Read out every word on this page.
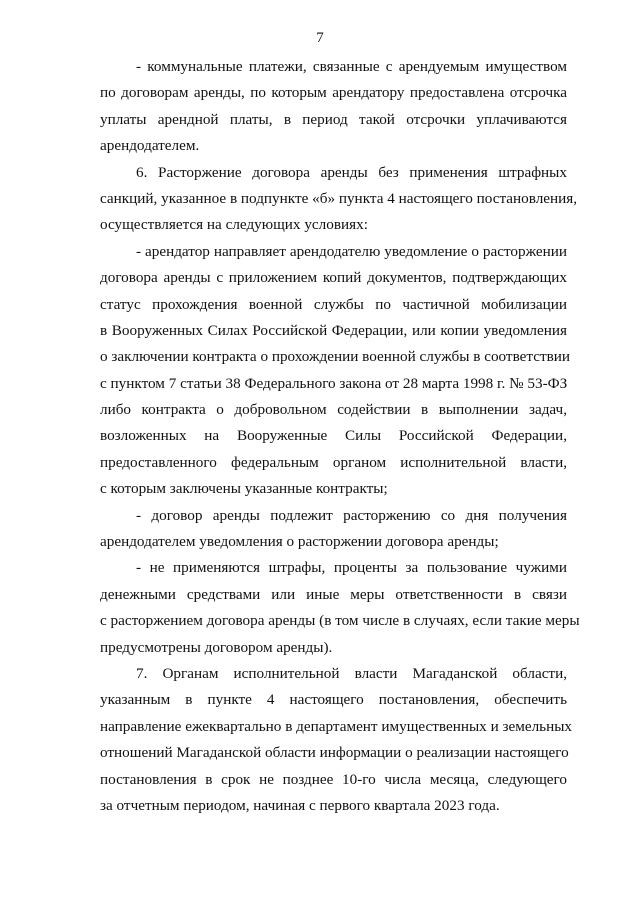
7

- коммунальные платежи, связанные с арендуемым имуществом
по договорам аренды, по которым арендатору предоставлена отсрочка
уплаты арендной платы, в период такой отсрочки уплачиваются
арендодателем.

6. Расторжение договора аренды без применения штрафных
санкций, указанное в подпункте «б» пункта 4 настоящего постановления,
осуществляется на следующих условиях:

- арендатор направляет арендодателю уведомление о расторжении
договора аренды с приложением копий документов, подтверждающих
статус прохождения военной службы по частичной мобилизации
в Вооруженных Силах Российской Федерации, или копии уведомления
о заключении контракта о прохождении военной службы в соответствии
с пунктом 7 статьи 38 Федерального закона от 28 марта 1998 г. № 53-ФЗ
либо контракта о добровольном содействии в выполнении задач,
возложенных на Вооруженные Силы Российской Федерации,
предоставленного федеральным органом исполнительной власти,
с которым заключены указанные контракты;

- договор аренды подлежит расторжению со дня получения
арендодателем уведомления о расторжении договора аренды;

- не применяются штрафы, проценты за пользование чужими
денежными средствами или иные меры ответственности в связи
с расторжением договора аренды (в том числе в случаях, если такие меры
предусмотрены договором аренды).

7. Органам исполнительной власти Магаданской области,
указанным в пункте 4 настоящего постановления, обеспечить
направление ежеквартально в департамент имущественных и земельных
отношений Магаданской области информации о реализации настоящего
постановления в срок не позднее 10-го числа месяца, следующего
за отчетным периодом, начиная с первого квартала 2023 года.
